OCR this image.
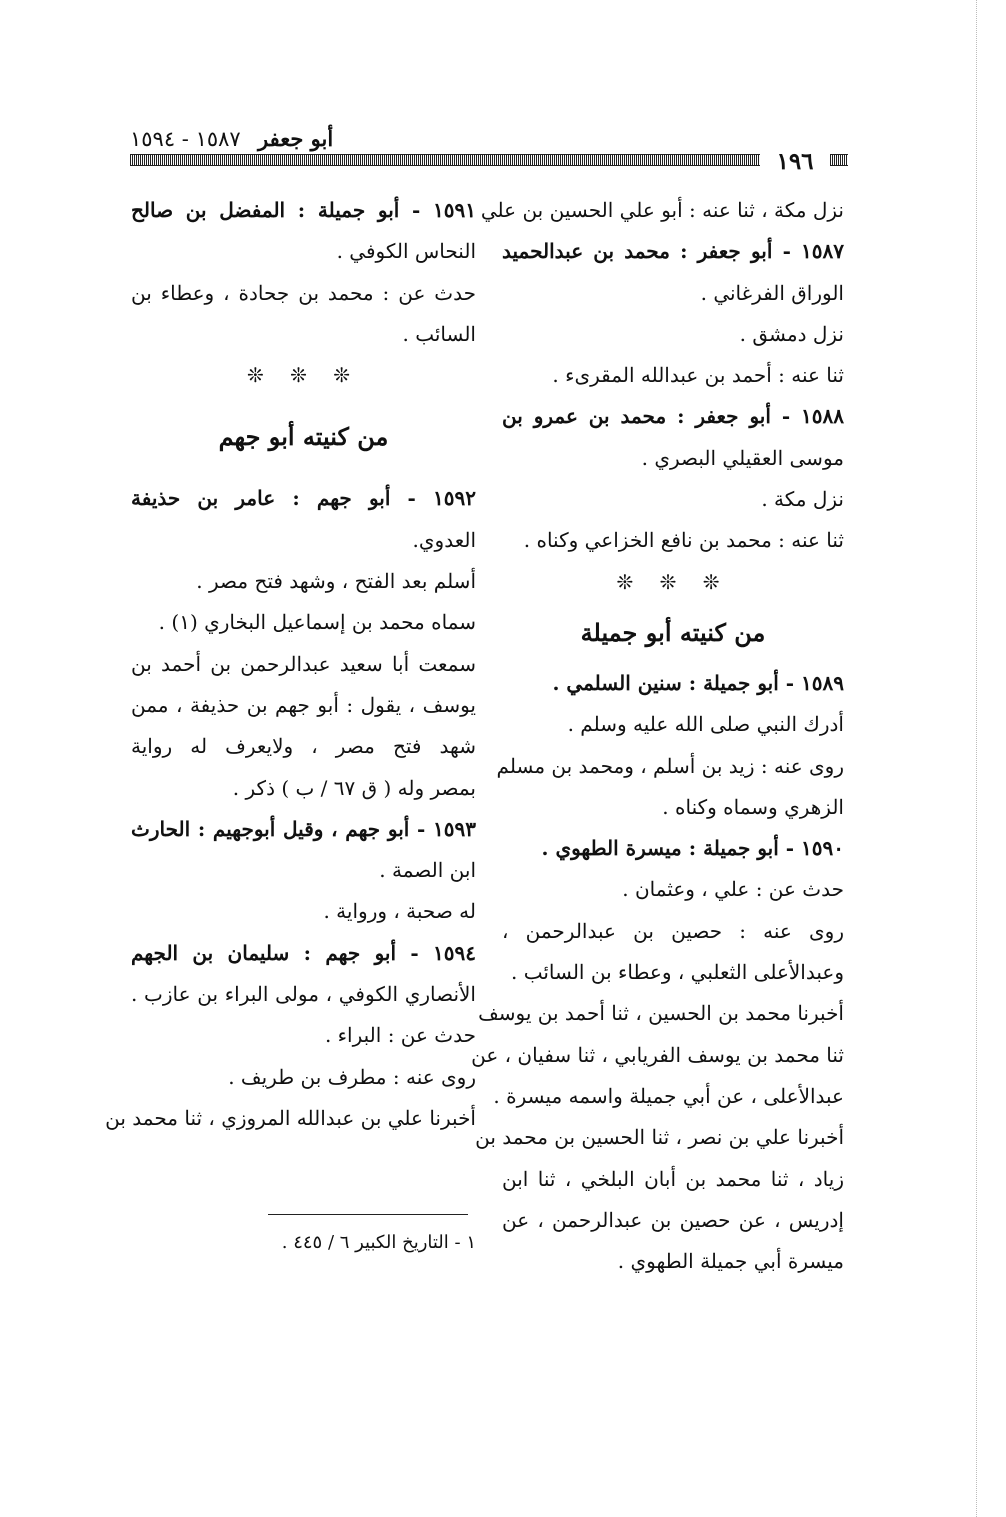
أبو جعفر ١٥٨٧ - ١٥٩٤
١٩٦
نزل مكة ، ثنا عنه : أبو علي الحسين بن علي .
١٥٨٧ - أبو جعفر : محمد بن عبدالحميد
الوراق الفرغاني .
نزل دمشق .
ثنا عنه : أحمد بن عبدالله المقرىء .
١٥٨٨ - أبو جعفر : محمد بن عمرو بن
موسى العقيلي البصري .
نزل مكة .
ثنا عنه : محمد بن نافع الخزاعي وكناه .
❊ ❊ ❊
من كنيته أبو جميلة
١٥٨٩ - أبو جميلة : سنين السلمي .
أدرك النبي صلى الله عليه وسلم .
روى عنه : زيد بن أسلم ، ومحمد بن مسلم
الزهري وسماه وكناه .
١٥٩٠ - أبو جميلة : ميسرة الطهوي .
حدث عن : علي ، وعثمان .
روى عنه : حصين بن عبدالرحمن ،
وعبدالأعلى الثعلبي ، وعطاء بن السائب .
أخبرنا محمد بن الحسين ، ثنا أحمد بن يوسف
ثنا محمد بن يوسف الفريابي ، ثنا سفيان ، عن
عبدالأعلى ، عن أبي جميلة واسمه ميسرة .
أخبرنا علي بن نصر ، ثنا الحسين بن محمد بن
زياد ، ثنا محمد بن أبان البلخي ، ثنا ابن
إدريس ، عن حصين بن عبدالرحمن ، عن
ميسرة أبي جميلة الطهوي .
١٥٩١ - أبو جميلة : المفضل بن صالح
النحاس الكوفي .
حدث عن : محمد بن جحادة ، وعطاء بن
السائب .
❊ ❊ ❊
من كنيته أبو جهم
١٥٩٢ - أبو جهم : عامر بن حذيفة
العدوي.
أسلم بعد الفتح ، وشهد فتح مصر .
سماه محمد بن إسماعيل البخاري (١) .
سمعت أبا سعيد عبدالرحمن بن أحمد بن
يوسف ، يقول : أبو جهم بن حذيفة ، ممن
شهد فتح مصر ، ولايعرف له رواية
بمصر وله ( ق ٦٧ / ب ) ذكر .
١٥٩٣ - أبو جهم ، وقيل أبوجهيم : الحارث
ابن الصمة .
له صحبة ، ورواية .
١٥٩٤ - أبو جهم : سليمان بن الجهم
الأنصاري الكوفي ، مولى البراء بن عازب .
حدث عن : البراء .
روى عنه : مطرف بن طريف .
أخبرنا علي بن عبدالله المروزي ، ثنا محمد بن
١ - التاريخ الكبير ٦ / ٤٤٥ .
